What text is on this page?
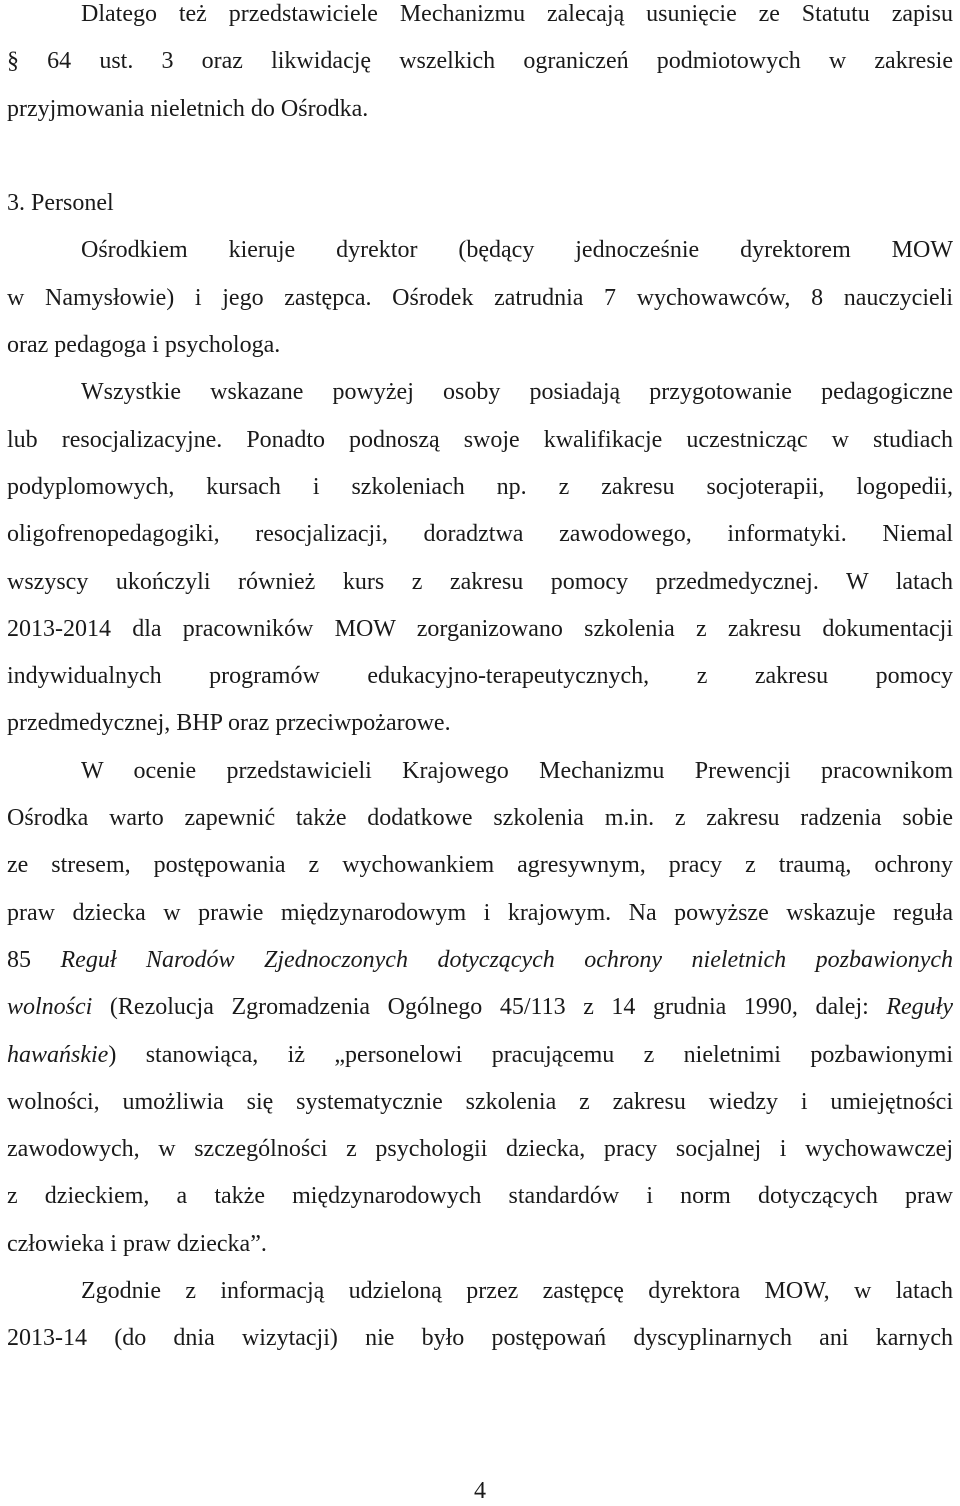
Dlatego też przedstawiciele Mechanizmu zalecają usunięcie ze Statutu zapisu
§ 64 ust. 3 oraz likwidację wszelkich ograniczeń podmiotowych w zakresie
przyjmowania nieletnich do Ośrodka.
3. Personel
Ośrodkiem kieruje dyrektor (będący jednocześnie dyrektorem MOW
w Namysłowie) i jego zastępca. Ośrodek zatrudnia 7 wychowawców, 8 nauczycieli
oraz pedagoga i psychologa.
Wszystkie wskazane powyżej osoby posiadają przygotowanie pedagogiczne
lub resocjalizacyjne. Ponadto podnoszą swoje kwalifikacje uczestnicząc w studiach
podyplomowych, kursach i szkoleniach np. z zakresu socjoterapii, logopedii,
oligofrenopedagogiki, resocjalizacji, doradztwa zawodowego, informatyki. Niemal
wszyscy ukończyli również kurs z zakresu pomocy przedmedycznej. W latach
2013-2014 dla pracowników MOW zorganizowano szkolenia z zakresu dokumentacji
indywidualnych programów edukacyjno-terapeutycznych, z zakresu pomocy
przedmedycznej, BHP oraz przeciwpożarowe.
W ocenie przedstawicieli Krajowego Mechanizmu Prewencji pracownikom
Ośrodka warto zapewnić także dodatkowe szkolenia m.in. z zakresu radzenia sobie
ze stresem, postępowania z wychowankiem agresywnym, pracy z traumą, ochrony
praw dziecka w prawie międzynarodowym i krajowym. Na powyższe wskazuje reguła
85 Reguł Narodów Zjednoczonych dotyczących ochrony nieletnich pozbawionych
wolności (Rezolucja Zgromadzenia Ogólnego 45/113 z 14 grudnia 1990, dalej: Reguły
hawańskie) stanowiąca, iż „personelowi pracującemu z nieletnimi pozbawionymi
wolności, umożliwia się systematycznie szkolenia z zakresu wiedzy i umiejętności
zawodowych, w szczególności z psychologii dziecka, pracy socjalnej i wychowawczej
z dzieckiem, a także międzynarodowych standardów i norm dotyczących praw
człowieka i praw dziecka”.
Zgodnie z informacją udzieloną przez zastępcę dyrektora MOW, w latach
2013-14 (do dnia wizytacji) nie było postępowań dyscyplinarnych ani karnych
4
